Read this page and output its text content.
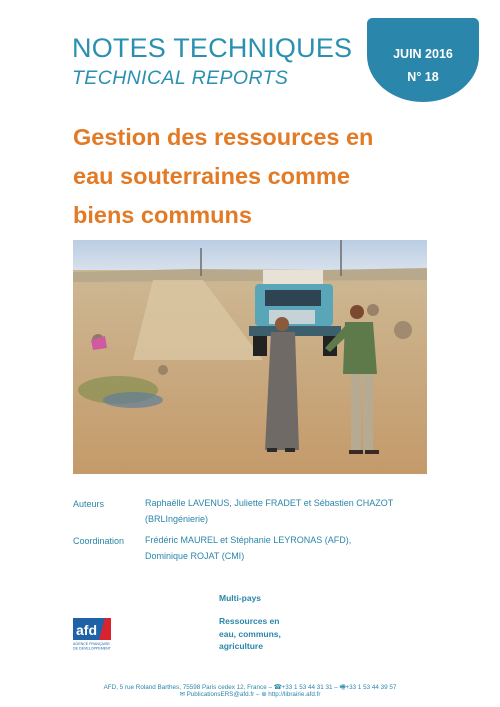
NOTES TECHNIQUES
TECHNICAL REPORTS
JUIN 2016
N° 18
Gestion des ressources en
eau souterraines comme
biens communs
Auteurs	Raphaëlle LAVENUS, Juliette FRADET et Sébastien CHAZOT
(BRLIngénierie)
Coordination Frédéric MAUREL et Stéphanie LEYRONAS (AFD),
Dominique ROJAT (CMI)
Multi-pays
Ressources en
eau, communs,
agriculture
afd
AGENCE FRANÇAISE
DE DÉVELOPPEMENT
AFD, 5 rue Roland Barthes, 75598 Paris cedex 12, France – ☎+33 1 53 44 31 31 – 🖷+33 1 53 44 39 57
✉ PublicationsERS@afd.fr – ⊕ http://librairie.afd.fr
